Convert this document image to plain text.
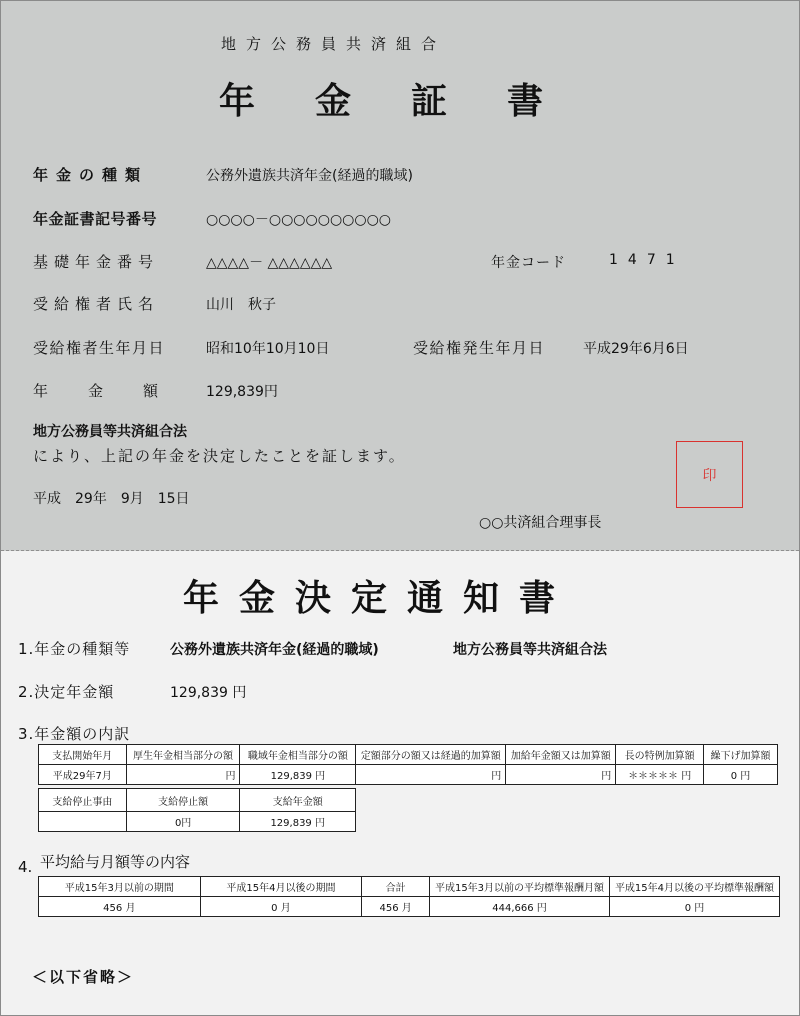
地方公務員共済組合
年金証書
年金の種類	公務外遺族共済年金(経過的職域)
年金証書記号番号	○○○○－○○○○○○○○○○
基礎年金番号	△△△△－ △△△△△△	年金コード	1471
受給権者氏名	山川　秋子
受給権者生年月日	昭和10年10月10日	受給権発生年月日	平成29年6月6日
年金額 129,839円
地方公務員等共済組合法
により、上記の年金を決定したことを証します。
平成　29年　9月　15日
印
○○共済組合理事長
年金決定通知書
1.年金の種類等	公務外遺族共済年金(経過的職域)	地方公務員等共済組合法
2.決定年金額	129,839 円
3.年金額の内訳
支払開始年月	厚生年金相当部分の額	職域年金相当部分の額	定額部分の額又は経過的加算額	加給年金額又は加算額	長の特例加算額	繰下げ加算額
平成29年7月	円	129,839 円	円	円	＊＊＊＊＊ 円	0 円
支給停止事由	支給停止額	支給年金額
	0円	129,839 円
4. 平均給与月額等の内容
平成15年3月以前の期間	平成15年4月以後の期間	合計	平成15年3月以前の平均標準報酬月額	平成15年4月以後の平均標準報酬額
456 月	0 月	456 月	444,666 円	0 円
＜以下省略＞
